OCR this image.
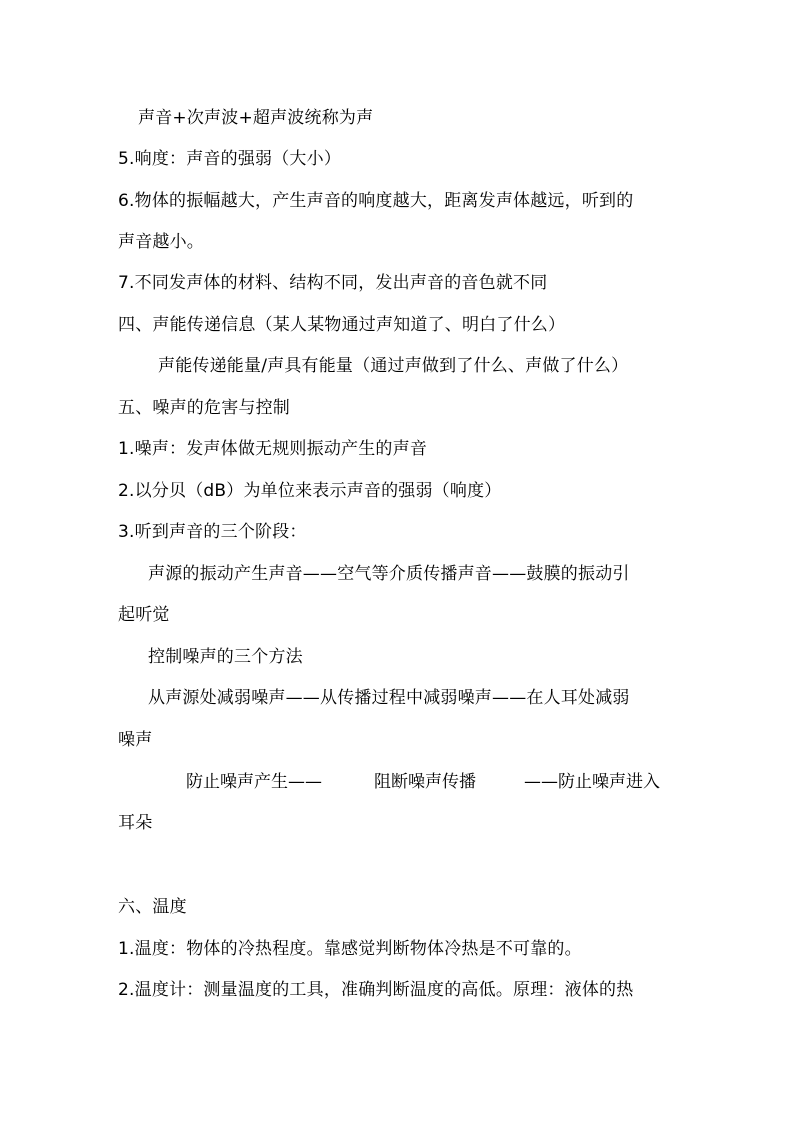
声音+次声波+超声波统称为声
5.响度：声音的强弱（大小）
6.物体的振幅越大，产生声音的响度越大，距离发声体越远，听到的
声音越小。
7.不同发声体的材料、结构不同，发出声音的音色就不同
四、声能传递信息（某人某物通过声知道了、明白了什么）
声能传递能量/声具有能量（通过声做到了什么、声做了什么）
五、噪声的危害与控制
1.噪声：发声体做无规则振动产生的声音
2.以分贝（dB）为单位来表示声音的强弱（响度）
3.听到声音的三个阶段：
声源的振动产生声音——空气等介质传播声音——鼓膜的振动引
起听觉
控制噪声的三个方法
从声源处减弱噪声——从传播过程中减弱噪声——在人耳处减弱
噪声
防止噪声产生——	阻断噪声传播	——防止噪声进入
耳朵
六、温度
1.温度：物体的冷热程度。靠感觉判断物体冷热是不可靠的。
2.温度计：测量温度的工具，准确判断温度的高低。原理：液体的热
